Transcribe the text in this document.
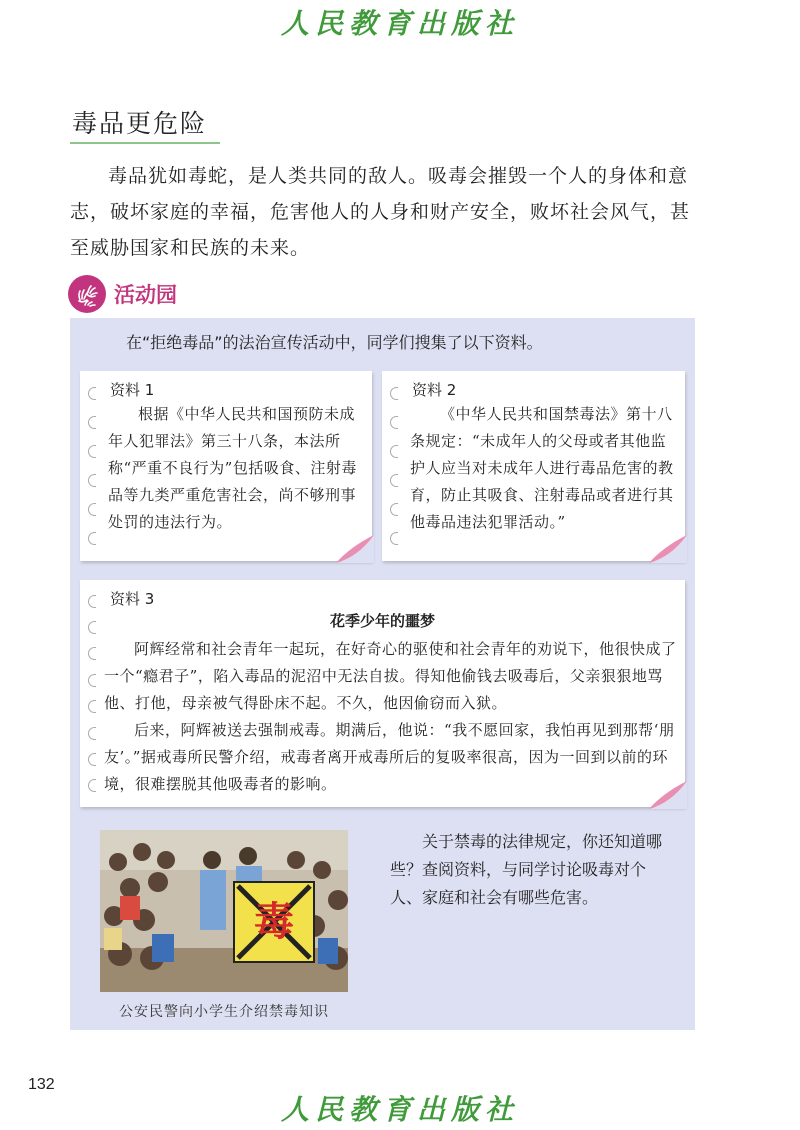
人民教育出版社
毒品更危险

毒品犹如毒蛇，是人类共同的敌人。吸毒会摧毁一个人的身体和意志，破坏家庭的幸福，危害他人的人身和财产安全，败坏社会风气，甚至威胁国家和民族的未来。

活动园
在“拒绝毒品”的法治宣传活动中，同学们搜集了以下资料。
资料 1

根据《中华人民共和国预防未成年人犯罪法》第三十八条，本法所称“严重不良行为”包括吸食、注射毒品等九类严重危害社会，尚不够刑事处罚的违法行为。

资料 2

《中华人民共和国禁毒法》第十八条规定：“未成年人的父母或者其他监护人应当对未成年人进行毒品危害的教育，防止其吸食、注射毒品或者进行其他毒品违法犯罪活动。”

资料 3
花季少年的噩梦

阿辉经常和社会青年一起玩，在好奇心的驱使和社会青年的劝说下，他很快成了一个“瘾君子”，陷入毒品的泥沼中无法自拔。得知他偷钱去吸毒后，父亲狠狠地骂他、打他，母亲被气得卧床不起。不久，他因偷窃而入狱。

后来，阿辉被送去强制戒毒。期满后，他说：“我不愿回家，我怕再见到那帮‘朋友’。”据戒毒所民警介绍，戒毒者离开戒毒所后的复吸率很高，因为一回到以前的环境，很难摆脱其他吸毒者的影响。

毒
公安民警向小学生介绍禁毒知识

关于禁毒的法律规定，你还知道哪些？查阅资料，与同学讨论吸毒对个人、家庭和社会有哪些危害。

132
人民教育出版社
